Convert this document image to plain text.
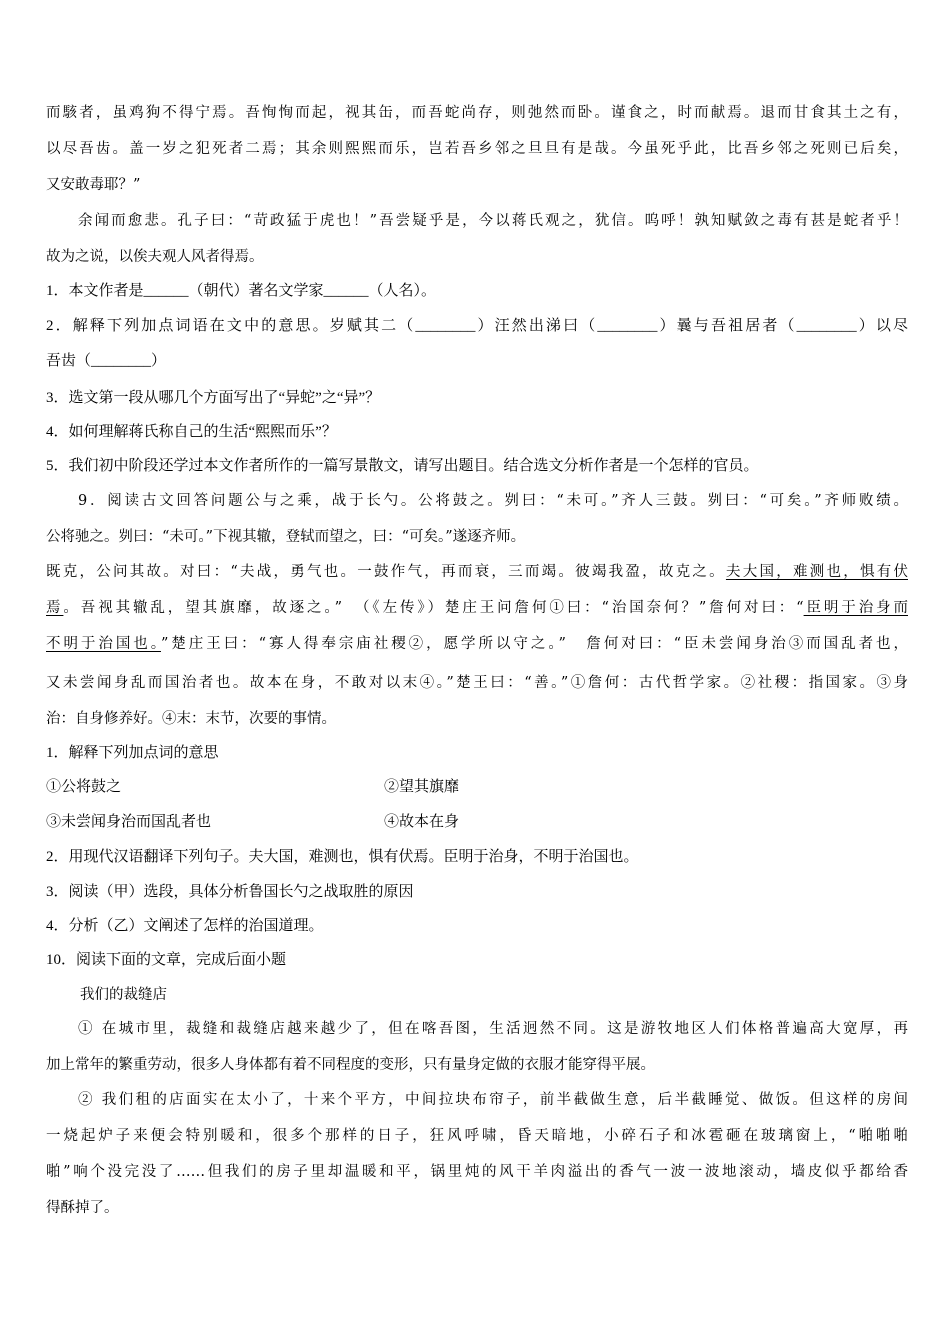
而駭者，虽鸡狗不得宁焉。吾恂恂而起，视其缶，而吾蛇尚存，则弛然而卧。谨食之，时而献焉。退而甘食其土之有，
以尽吾齿。盖一岁之犯死者二焉；其余则熙熙而乐，岂若吾乡邻之旦旦有是哉。今虽死乎此，比吾乡邻之死则已后矣，
又安敢毒耶？”
余闻而愈悲。孔子曰：“苛政猛于虎也！”吾尝疑乎是，今以蒋氏观之，犹信。呜呼！孰知赋敛之毒有甚是蛇者乎！
故为之说，以俟夫观人风者得焉。
1．本文作者是______（朝代）著名文学家______（人名）。
2．解释下列加点词语在文中的意思。岁赋其二（________）汪然出涕曰（________）曩与吾祖居者（________）以尽
吾齿（________）
3．选文第一段从哪几个方面写出了“异蛇”之“异”？
4．如何理解蒋氏称自己的生活“熙熙而乐”？
5．我们初中阶段还学过本文作者所作的一篇写景散文，请写出题目。结合选文分析作者是一个怎样的官员。
9．阅读古文回答问题公与之乘，战于长勺。公将鼓之。刿曰：“未可。”齐人三鼓。刿曰：“可矣。”齐师败绩。
公将驰之。刿曰：“未可。”下视其辙，登轼而望之，曰：“可矣。”遂逐齐师。
既克，公问其故。对曰：“夫战，勇气也。一鼓作气，再而衰，三而竭。彼竭我盈，故克之。夫大国，难测也，惧有伏
焉。吾视其辙乱，望其旗靡，故逐之。”　（《左传》）楚庄王问詹何①曰：“治国奈何？”詹何对曰：“臣明于治身而
不明于治国也。”楚庄王曰：“寡人得奉宗庙社稷②，愿学所以守之。”　詹何对曰：“臣未尝闻身治③而国乱者也，
又未尝闻身乱而国治者也。故本在身，不敢对以末④。”楚王曰：“善。”①詹何：古代哲学家。②社稷：指国家。③身
治：自身修养好。④末：末节，次要的事情。
1．解释下列加点词的意思
①公将鼓之	②望其旗靡
③未尝闻身治而国乱者也	④故本在身
2．用现代汉语翻译下列句子。夫大国，难测也，惧有伏焉。臣明于治身，不明于治国也。
3．阅读（甲）选段，具体分析鲁国长勺之战取胜的原因
4．分析（乙）文阐述了怎样的治国道理。
10．阅读下面的文章，完成后面小题
我们的裁缝店
① 在城市里，裁缝和裁缝店越来越少了，但在喀吾图，生活迥然不同。这是游牧地区人们体格普遍高大宽厚，再
加上常年的繁重劳动，很多人身体都有着不同程度的变形，只有量身定做的衣服才能穿得平展。
② 我们租的店面实在太小了，十来个平方，中间拉块布帘子，前半截做生意，后半截睡觉、做饭。但这样的房间
一烧起炉子来便会特别暖和，很多个那样的日子，狂风呼啸，昏天暗地，小碎石子和冰雹砸在玻璃窗上，“啪啪啪
啪”响个没完没了……但我们的房子里却温暖和平，锅里炖的风干羊肉溢出的香气一波一波地滚动，墙皮似乎都给香
得酥掉了。
